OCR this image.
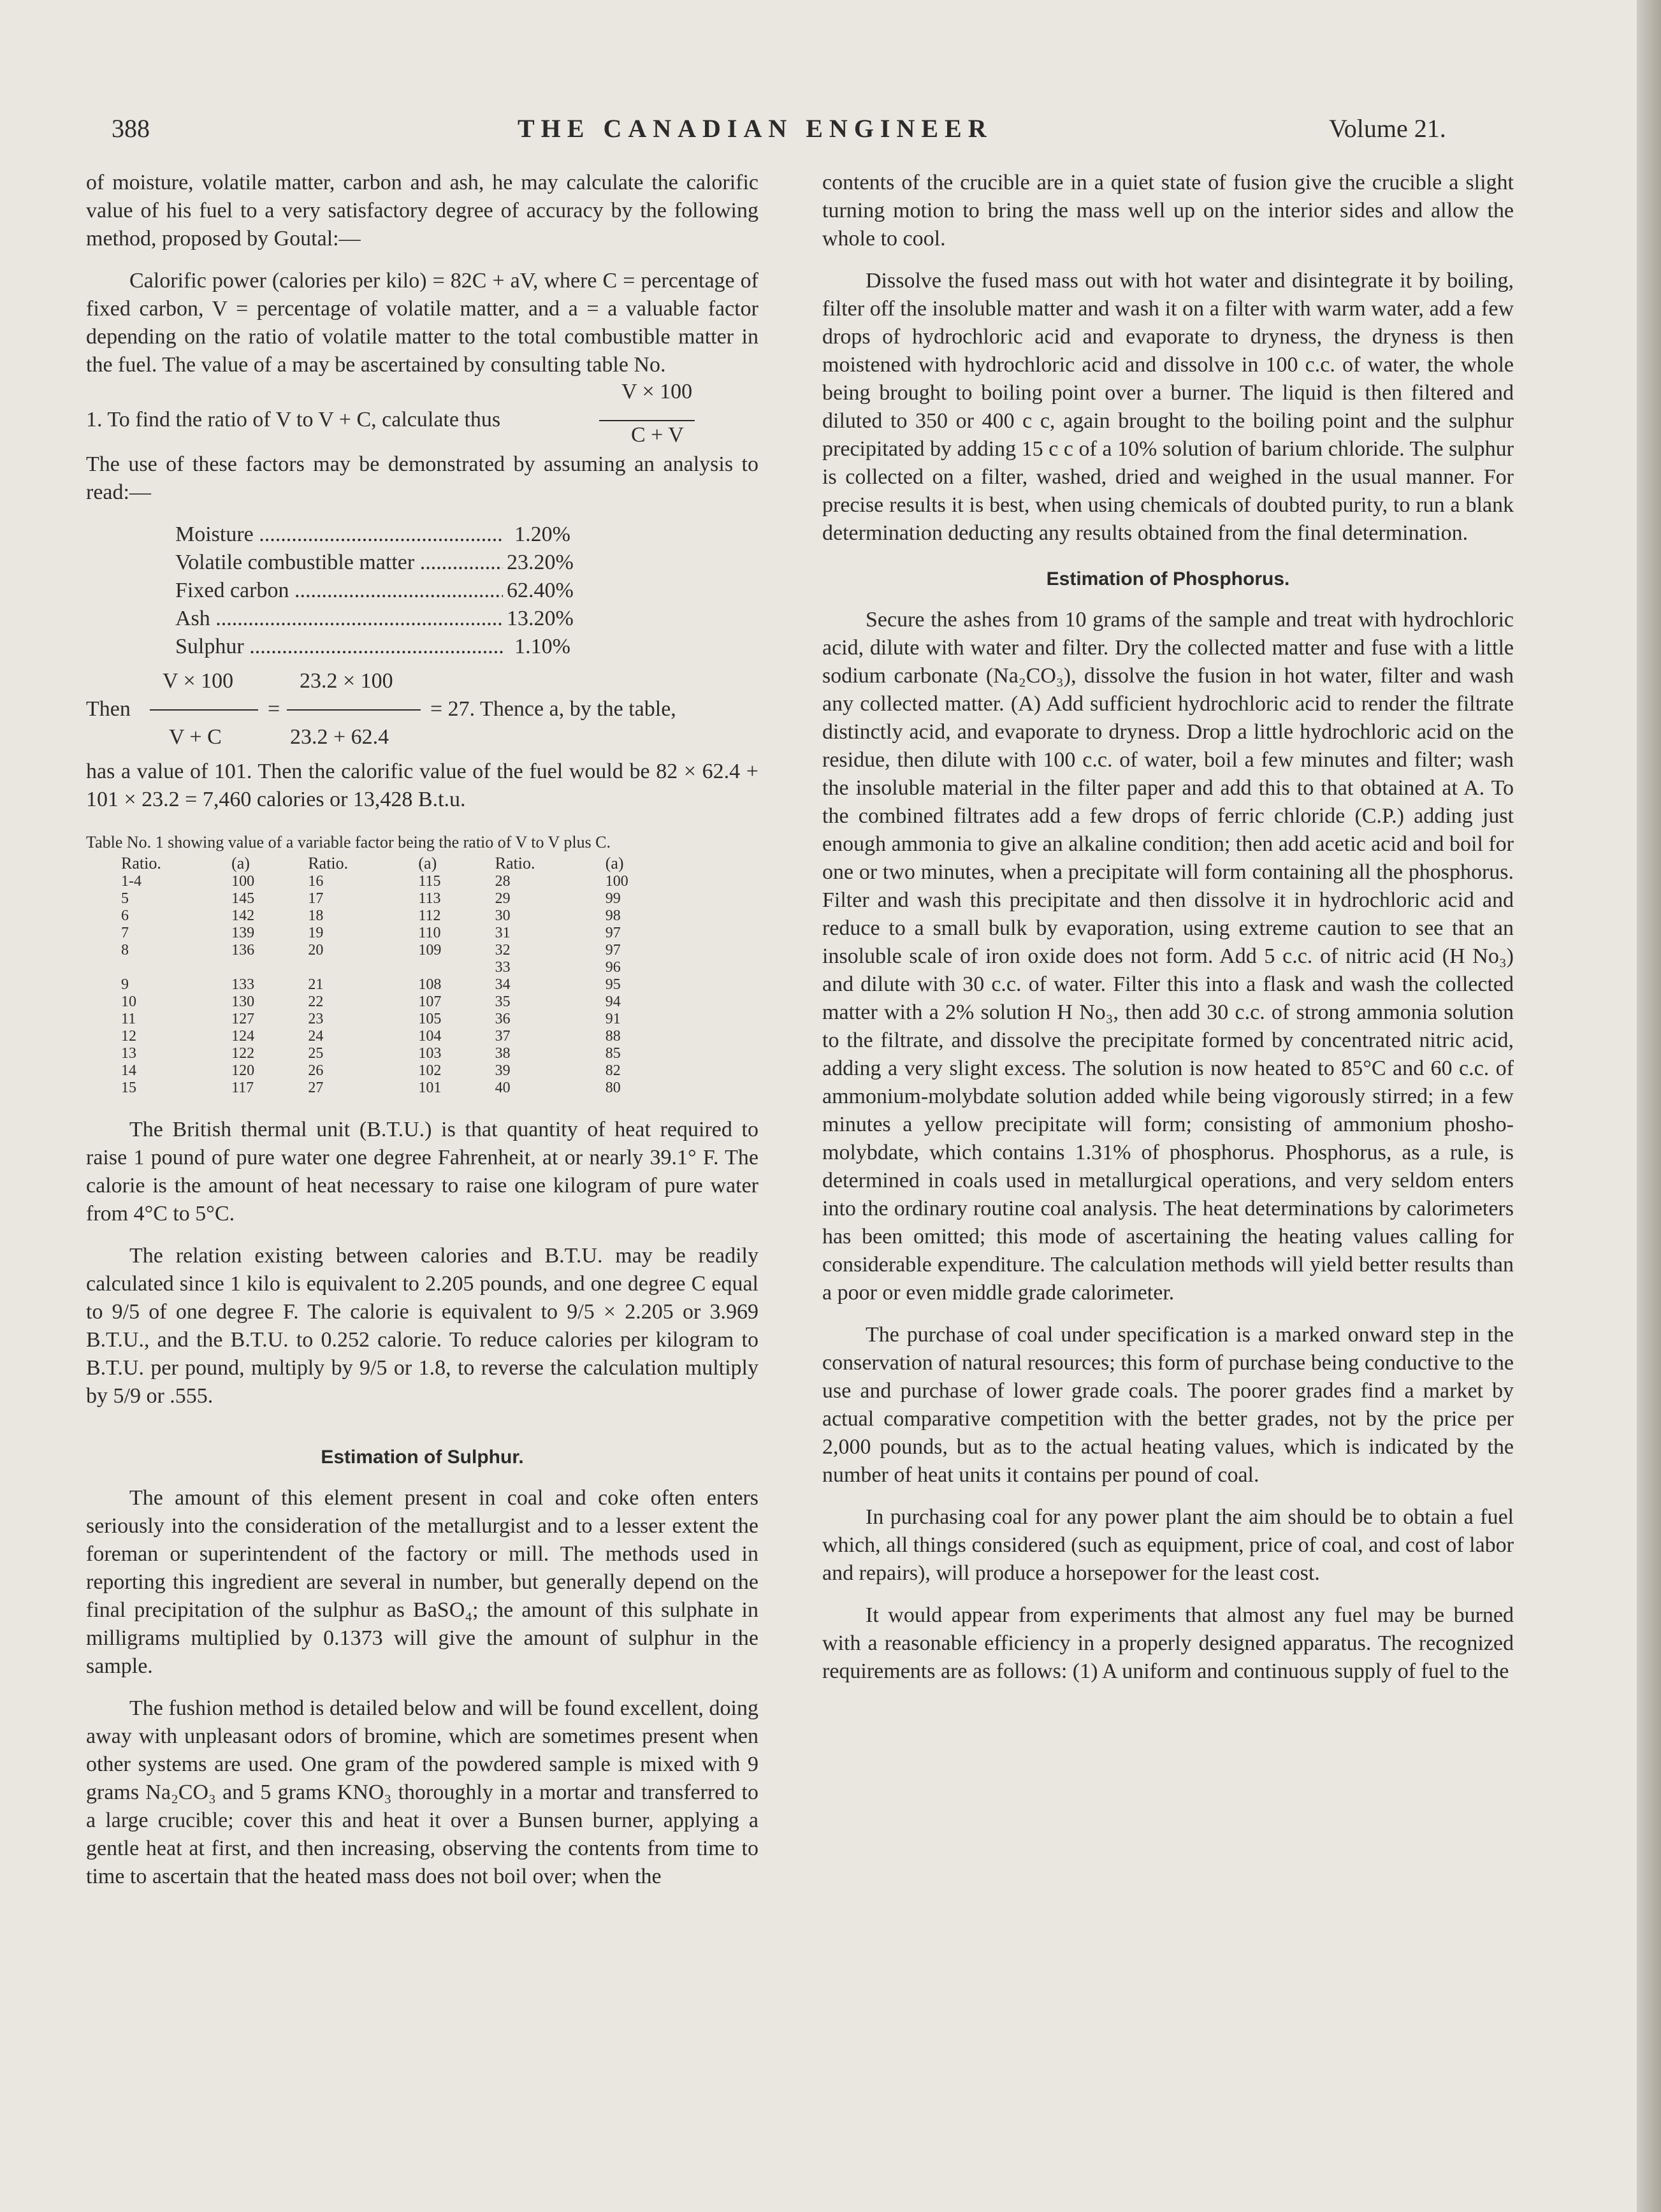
388	THE CANADIAN ENGINEER	Volume 21.

of moisture, volatile matter, carbon and ash, he may calculate the calorific value of his fuel to a very satisfactory degree of accuracy by the following method, proposed by Goutal:—

Calorific power (calories per kilo) = 82C + aV, where C = percentage of fixed carbon, V = percentage of volatile matter, and a = a valuable factor depending on the ratio of volatile matter to the total combustible matter in the fuel. The value of a may be ascertained by consulting table No.

V × 100
1. To find the ratio of V to V + C, calculate thus
C + V

The use of these factors may be demonstrated by assuming an analysis to read:—

Moisture .....	1.20%
Volatile combustible matter .....	23.20%
Fixed carbon .....	62.40%
Ash .....	13.20%
Sulphur .....	1.10%
V × 100	23.2 × 100
Then	=	= 27. Thence a, by the table,
V + C	23.2 + 62.4

has a value of 101. Then the calorific value of the fuel would be 82 × 62.4 + 101 × 23.2 = 7,460 calories or 13,428 B.t.u.

Table No. 1 showing value of a variable factor being the ratio of V to V plus C.
Ratio.	(a)	Ratio.	(a)	Ratio.	(a)
1-4	100	16	115	28	100
5	145	17	113	29	99
6	142	18	112	30	98
7	139	19	110	31	97
8	136	20	109	32	97
				33	96
9	133	21	108	34	95
10	130	22	107	35	94
11	127	23	105	36	91
12	124	24	104	37	88
13	122	25	103	38	85
14	120	26	102	39	82
15	117	27	101	40	80

The British thermal unit (B.T.U.) is that quantity of heat required to raise 1 pound of pure water one degree Fahrenheit, at or nearly 39.1° F. The calorie is the amount of heat necessary to raise one kilogram of pure water from 4°C to 5°C.

The relation existing between calories and B.T.U. may be readily calculated since 1 kilo is equivalent to 2.205 pounds, and one degree C equal to 9/5 of one degree F. The calorie is equivalent to 9/5 × 2.205 or 3.969 B.T.U., and the B.T.U. to 0.252 calorie. To reduce calories per kilogram to B.T.U. per pound, multiply by 9/5 or 1.8, to reverse the calculation multiply by 5/9 or .555.

Estimation of Sulphur.

The amount of this element present in coal and coke often enters seriously into the consideration of the metallurgist and to a lesser extent the foreman or superintendent of the factory or mill. The methods used in reporting this ingredient are several in number, but generally depend on the final precipitation of the sulphur as BaSO₄; the amount of this sulphate in milligrams multiplied by 0.1373 will give the amount of sulphur in the sample.

The fushion method is detailed below and will be found excellent, doing away with unpleasant odors of bromine, which are sometimes present when other systems are used. One gram of the powdered sample is mixed with 9 grams Na₂CO₃ and 5 grams KNO₃ thoroughly in a mortar and transferred to a large crucible; cover this and heat it over a Bunsen burner, applying a gentle heat at first, and then increasing, observing the contents from time to time to ascertain that the heated mass does not boil over; when the

contents of the crucible are in a quiet state of fusion give the crucible a slight turning motion to bring the mass well up on the interior sides and allow the whole to cool.

Dissolve the fused mass out with hot water and disintegrate it by boiling, filter off the insoluble matter and wash it on a filter with warm water, add a few drops of hydrochloric acid and evaporate to dryness, the dryness is then moistened with hydrochloric acid and dissolve in 100 c.c. of water, the whole being brought to boiling point over a burner. The liquid is then filtered and diluted to 350 or 400 c c, again brought to the boiling point and the sulphur precipitated by adding 15 c c of a 10% solution of barium chloride. The sulphur is collected on a filter, washed, dried and weighed in the usual manner. For precise results it is best, when using chemicals of doubted purity, to run a blank determination deducting any results obtained from the final determination.

Estimation of Phosphorus.

Secure the ashes from 10 grams of the sample and treat with hydrochloric acid, dilute with water and filter. Dry the collected matter and fuse with a little sodium carbonate (Na₂CO₃), dissolve the fusion in hot water, filter and wash any collected matter. (A) Add sufficient hydrochloric acid to render the filtrate distinctly acid, and evaporate to dryness. Drop a little hydrochloric acid on the residue, then dilute with 100 c.c. of water, boil a few minutes and filter; wash the insoluble material in the filter paper and add this to that obtained at A. To the combined filtrates add a few drops of ferric chloride (C.P.) adding just enough ammonia to give an alkaline condition; then add acetic acid and boil for one or two minutes, when a precipitate will form containing all the phosphorus. Filter and wash this precipitate and then dissolve it in hydrochloric acid and reduce to a small bulk by evaporation, using extreme caution to see that an insoluble scale of iron oxide does not form. Add 5 c.c. of nitric acid (H No₃) and dilute with 30 c.c. of water. Filter this into a flask and wash the collected matter with a 2% solution H No₃, then add 30 c.c. of strong ammonia solution to the filtrate, and dissolve the precipitate formed by concentrated nitric acid, adding a very slight excess. The solution is now heated to 85°C and 60 c.c. of ammonium-molybdate solution added while being vigorously stirred; in a few minutes a yellow precipitate will form; consisting of ammonium phosho-molybdate, which contains 1.31% of phosphorus. Phosphorus, as a rule, is determined in coals used in metallurgical operations, and very seldom enters into the ordinary routine coal analysis. The heat determinations by calorimeters has been omitted; this mode of ascertaining the heating values calling for considerable expenditure. The calculation methods will yield better results than a poor or even middle grade calorimeter.

The purchase of coal under specification is a marked onward step in the conservation of natural resources; this form of purchase being conductive to the use and purchase of lower grade coals. The poorer grades find a market by actual comparative competition with the better grades, not by the price per 2,000 pounds, but as to the actual heating values, which is indicated by the number of heat units it contains per pound of coal.

In purchasing coal for any power plant the aim should be to obtain a fuel which, all things considered (such as equipment, price of coal, and cost of labor and repairs), will produce a horsepower for the least cost.

It would appear from experiments that almost any fuel may be burned with a reasonable efficiency in a properly designed apparatus. The recognized requirements are as follows: (1) A uniform and continuous supply of fuel to the
